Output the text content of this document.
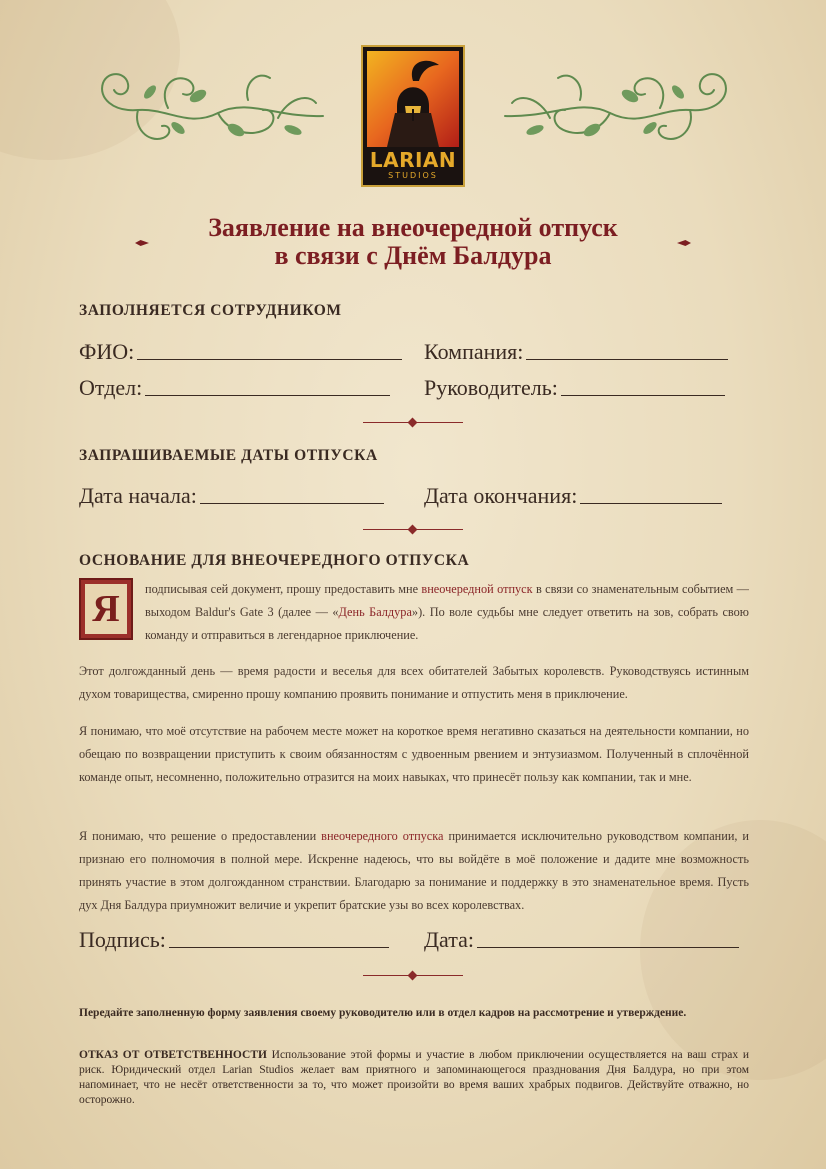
LARIAN
STUDIOS
Заявление на внеочередной отпуск
в связи с Днём Балдура
ЗАПОЛНЯЕТСЯ СОТРУДНИКОМ
ФИО:	Компания:
Отдел:	Руководитель:
ЗАПРАШИВАЕМЫЕ ДАТЫ ОТПУСКА
Дата начала:	Дата окончания:
ОСНОВАНИЕ ДЛЯ ВНЕОЧЕРЕДНОГО ОТПУСКА
Я	подписывая сей документ, прошу предоставить мне внеочередной отпуск в связи со знаменательным событием — выходом Baldur's Gate 3 (далее — «День Балдура»). По воле судьбы мне следует ответить на зов, собрать свою команду и отправиться в легендарное приключение.

Этот долгожданный день — время радости и веселья для всех обитателей Забытых королевств. Руководствуясь истинным духом товарищества, смиренно прошу компанию проявить понимание и отпустить меня в приключение.

Я понимаю, что моё отсутствие на рабочем месте может на короткое время негативно сказаться на деятельности компании, но обещаю по возвращении приступить к своим обязанностям с удвоенным рвением и энтузиазмом. Полученный в сплочённой команде опыт, несомненно, положительно отразится на моих навыках, что принесёт пользу как компании, так и мне.

Я понимаю, что решение о предоставлении внеочередного отпуска принимается исключительно руководством компании, и признаю его полномочия в полной мере. Искренне надеюсь, что вы войдёте в моё положение и дадите мне возможность принять участие в этом долгожданном странствии. Благодарю за понимание и поддержку в это знаменательное время. Пусть дух Дня Балдура приумножит величие и укрепит братские узы во всех королевствах.

Подпись:	Дата:

Передайте заполненную форму заявления своему руководителю или в отдел кадров на рассмотрение и утверждение.

ОТКАЗ ОТ ОТВЕТСТВЕННОСТИ Использование этой формы и участие в любом приключении осуществляется на ваш страх и риск. Юридический отдел Larian Studios желает вам приятного и запоминающегося празднования Дня Балдура, но при этом напоминает, что не несёт ответственности за то, что может произойти во время ваших храбрых подвигов. Действуйте отважно, но осторожно.
